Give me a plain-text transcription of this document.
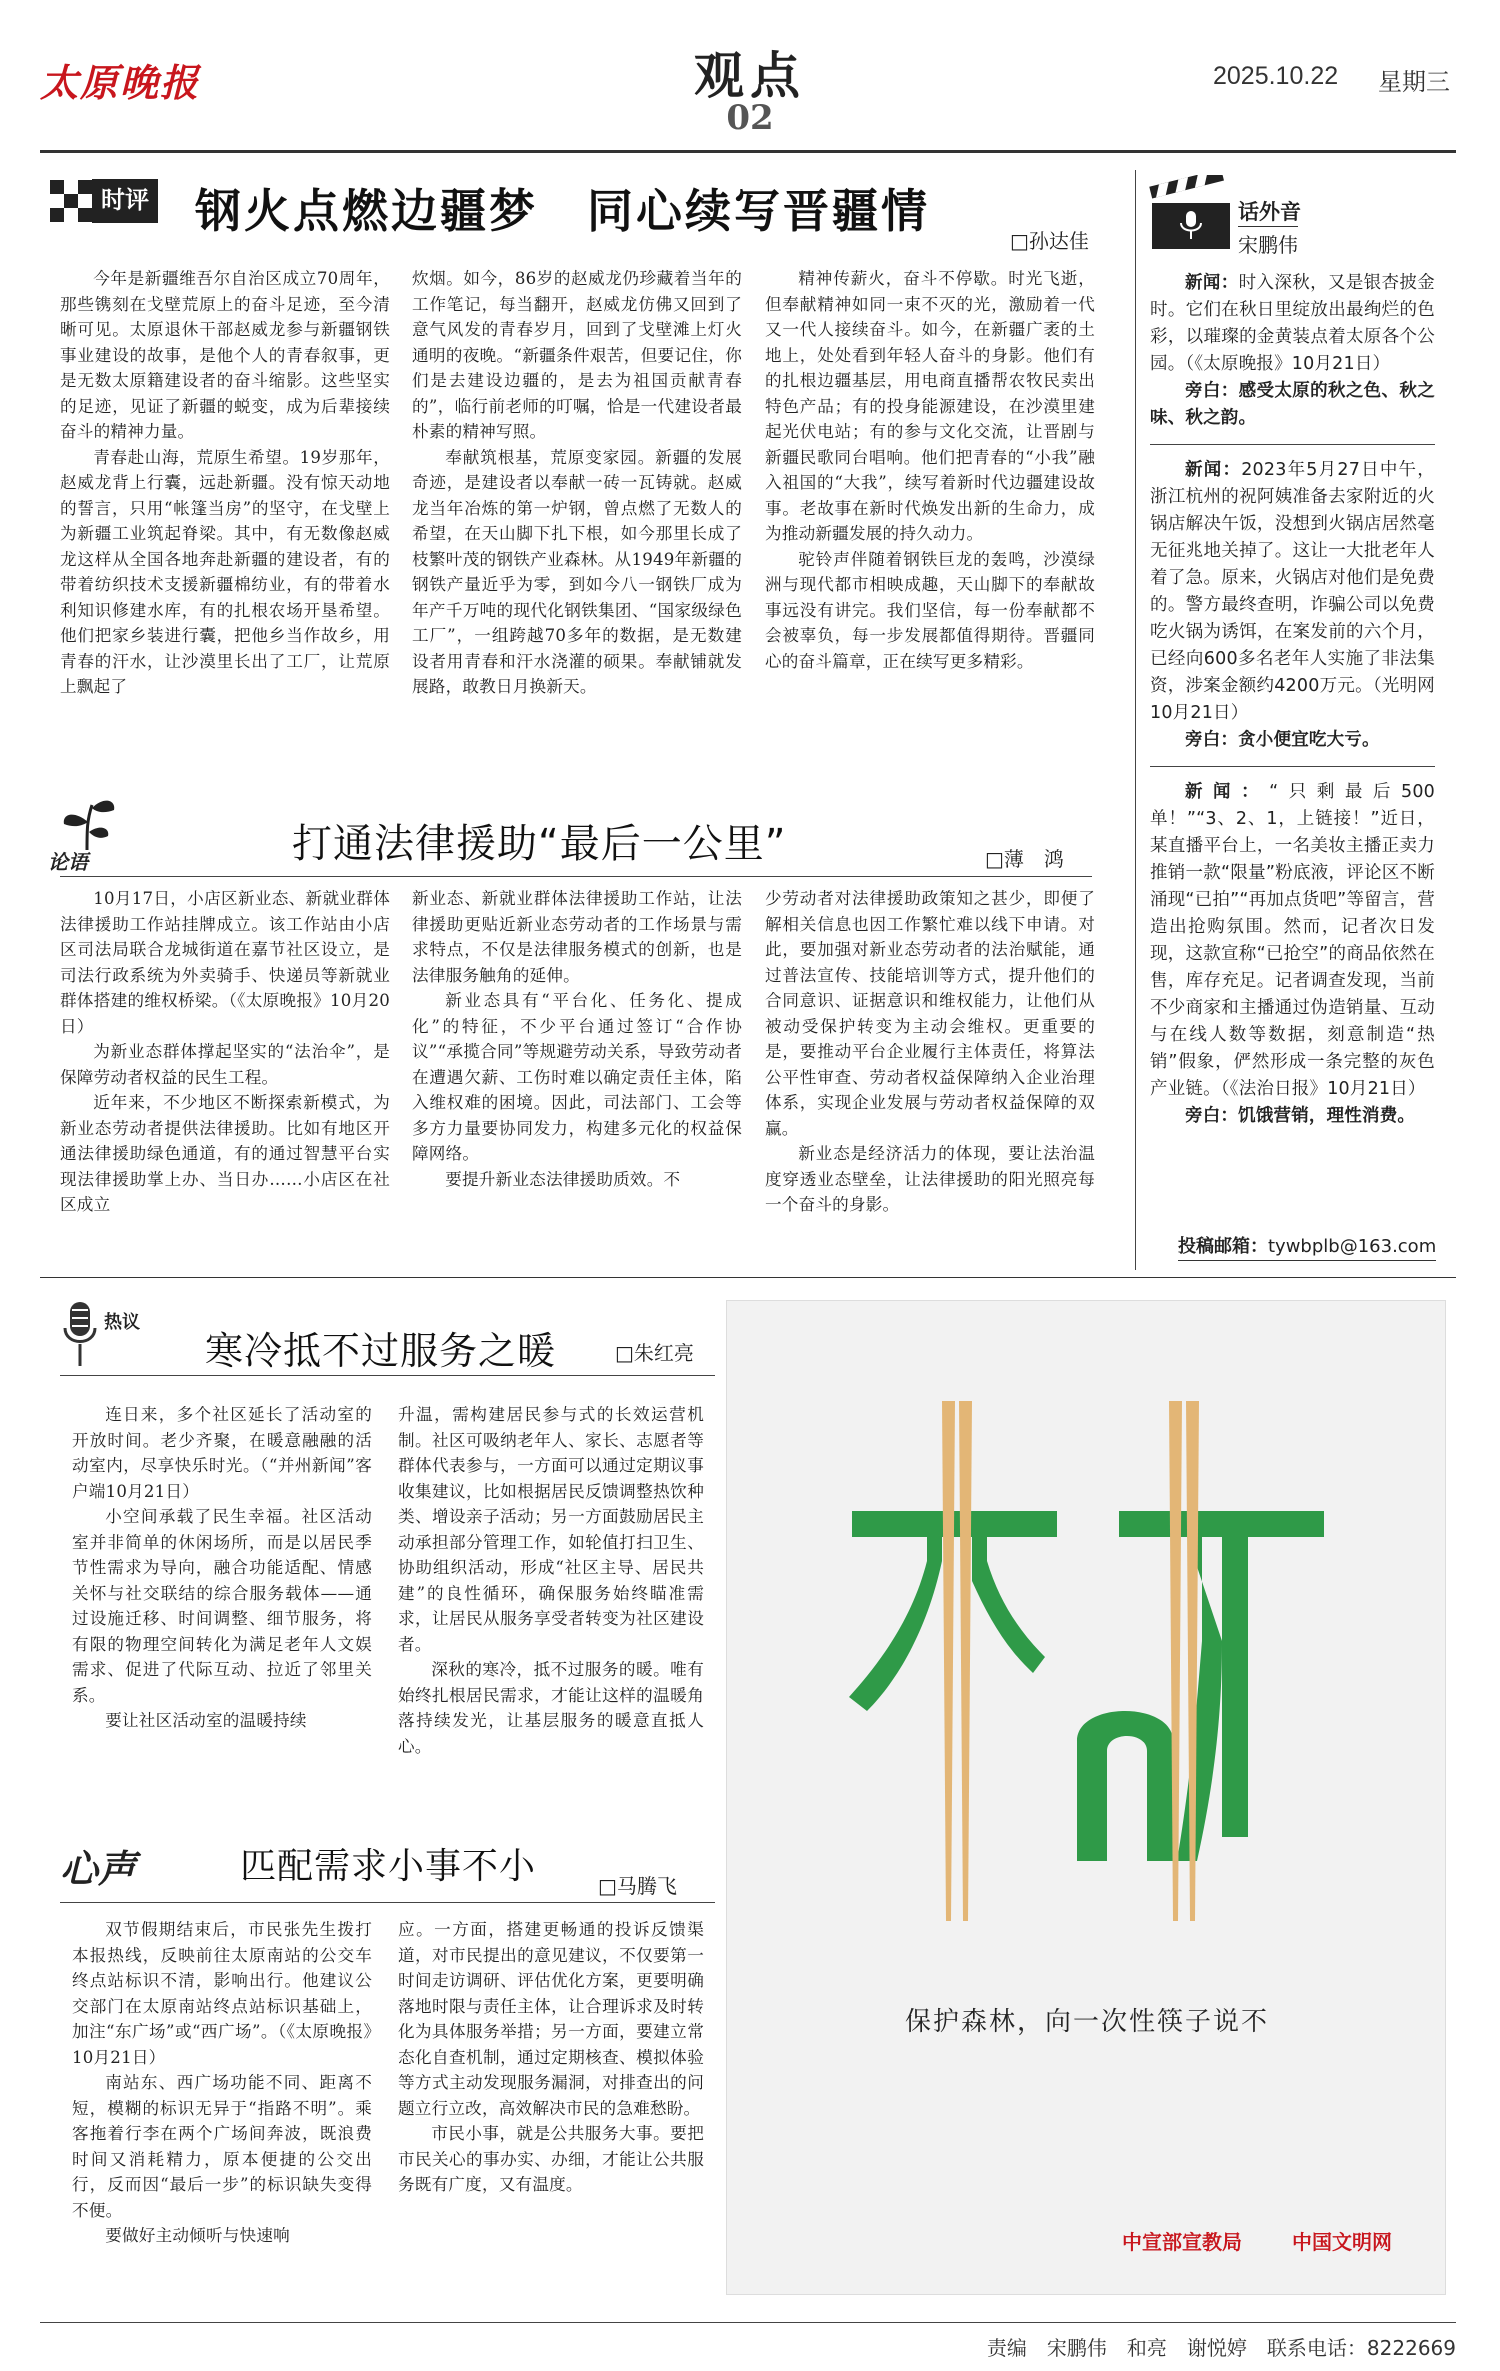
太原晚报	观点
02
2025.10.22 星期三
时评 钢火点燃边疆梦　同心续写晋疆情
□孙达佳

今年是新疆维吾尔自治区成立70周年，那些镌刻在戈壁荒原上的奋斗足迹，至今清晰可见。太原退休干部赵威龙参与新疆钢铁事业建设的故事，是他个人的青春叙事，更是无数太原籍建设者的奋斗缩影。这些坚实的足迹，见证了新疆的蜕变，成为后辈接续奋斗的精神力量。

青春赴山海，荒原生希望。19岁那年，赵威龙背上行囊，远赴新疆。没有惊天动地的誓言，只用“帐篷当房”的坚守，在戈壁上为新疆工业筑起脊梁。其中，有无数像赵威龙这样从全国各地奔赴新疆的建设者，有的带着纺织技术支援新疆棉纺业，有的带着水利知识修建水库，有的扎根农场开垦希望。他们把家乡装进行囊，把他乡当作故乡，用青春的汗水，让沙漠里长出了工厂，让荒原上飘起了

炊烟。如今，86岁的赵威龙仍珍藏着当年的工作笔记，每当翻开，赵威龙仿佛又回到了意气风发的青春岁月，回到了戈壁滩上灯火通明的夜晚。“新疆条件艰苦，但要记住，你们是去建设边疆的，是去为祖国贡献青春的”，临行前老师的叮嘱，恰是一代建设者最朴素的精神写照。

奉献筑根基，荒原变家园。新疆的发展奇迹，是建设者以奉献一砖一瓦铸就。赵威龙当年冶炼的第一炉钢，曾点燃了无数人的希望，在天山脚下扎下根，如今那里长成了枝繁叶茂的钢铁产业森林。从1949年新疆的钢铁产量近乎为零，到如今八一钢铁厂成为年产千万吨的现代化钢铁集团、“国家级绿色工厂”，一组跨越70多年的数据，是无数建设者用青春和汗水浇灌的硕果。奉献铺就发展路，敢教日月换新天。

精神传薪火，奋斗不停歇。时光飞逝，但奉献精神如同一束不灭的光，激励着一代又一代人接续奋斗。如今，在新疆广袤的土地上，处处看到年轻人奋斗的身影。他们有的扎根边疆基层，用电商直播帮农牧民卖出特色产品；有的投身能源建设，在沙漠里建起光伏电站；有的参与文化交流，让晋剧与新疆民歌同台唱响。他们把青春的“小我”融入祖国的“大我”，续写着新时代边疆建设故事。老故事在新时代焕发出新的生命力，成为推动新疆发展的持久动力。

驼铃声伴随着钢铁巨龙的轰鸣，沙漠绿洲与现代都市相映成趣，天山脚下的奉献故事远没有讲完。我们坚信，每一份奉献都不会被辜负，每一步发展都值得期待。晋疆同心的奋斗篇章，正在续写更多精彩。

论语	打通法律援助“最后一公里”	□薄　鸿

10月17日，小店区新业态、新就业群体法律援助工作站挂牌成立。该工作站由小店区司法局联合龙城街道在嘉节社区设立，是司法行政系统为外卖骑手、快递员等新就业群体搭建的维权桥梁。（《太原晚报》10月20日）

为新业态群体撑起坚实的“法治伞”，是保障劳动者权益的民生工程。

近年来，不少地区不断探索新模式，为新业态劳动者提供法律援助。比如有地区开通法律援助绿色通道，有的通过智慧平台实现法律援助掌上办、当日办……小店区在社区成立

新业态、新就业群体法律援助工作站，让法律援助更贴近新业态劳动者的工作场景与需求特点，不仅是法律服务模式的创新，也是法律服务触角的延伸。

新业态具有“平台化、任务化、提成化”的特征，不少平台通过签订“合作协议”“承揽合同”等规避劳动关系，导致劳动者在遭遇欠薪、工伤时难以确定责任主体，陷入维权难的困境。因此，司法部门、工会等多方力量要协同发力，构建多元化的权益保障网络。

要提升新业态法律援助质效。不

少劳动者对法律援助政策知之甚少，即便了解相关信息也因工作繁忙难以线下申请。对此，要加强对新业态劳动者的法治赋能，通过普法宣传、技能培训等方式，提升他们的合同意识、证据意识和维权能力，让他们从被动受保护转变为主动会维权。更重要的是，要推动平台企业履行主体责任，将算法公平性审查、劳动者权益保障纳入企业治理体系，实现企业发展与劳动者权益保障的双赢。

新业态是经济活力的体现，要让法治温度穿透业态壁垒，让法律援助的阳光照亮每一个奋斗的身影。

热议
寒冷抵不过服务之暖	□朱红亮

连日来，多个社区延长了活动室的开放时间。老少齐聚，在暖意融融的活动室内，尽享快乐时光。（“并州新闻”客户端10月21日）

小空间承载了民生幸福。社区活动室并非简单的休闲场所，而是以居民季节性需求为导向，融合功能适配、情感关怀与社交联结的综合服务载体——通过设施迁移、时间调整、细节服务，将有限的物理空间转化为满足老年人文娱需求、促进了代际互动、拉近了邻里关系。

要让社区活动室的温暖持续

升温，需构建居民参与式的长效运营机制。社区可吸纳老年人、家长、志愿者等群体代表参与，一方面可以通过定期议事收集建议，比如根据居民反馈调整热饮种类、增设亲子活动；另一方面鼓励居民主动承担部分管理工作，如轮值打扫卫生、协助组织活动，形成“社区主导、居民共建”的良性循环，确保服务始终瞄准需求，让居民从服务享受者转变为社区建设者。

深秋的寒冷，抵不过服务的暖。唯有始终扎根居民需求，才能让这样的温暖角落持续发光，让基层服务的暖意直抵人心。

心声	匹配需求小事不小	□马腾飞

双节假期结束后，市民张先生拨打本报热线，反映前往太原南站的公交车终点站标识不清，影响出行。他建议公交部门在太原南站终点站标识基础上，加注“东广场”或“西广场”。（《太原晚报》10月21日）

南站东、西广场功能不同、距离不短，模糊的标识无异于“指路不明”。乘客拖着行李在两个广场间奔波，既浪费时间又消耗精力，原本便捷的公交出行，反而因“最后一步”的标识缺失变得不便。

要做好主动倾听与快速响

应。一方面，搭建更畅通的投诉反馈渠道，对市民提出的意见建议，不仅要第一时间走访调研、评估优化方案，更要明确落地时限与责任主体，让合理诉求及时转化为具体服务举措；另一方面，要建立常态化自查机制，通过定期核查、模拟体验等方式主动发现服务漏洞，对排查出的问题立行立改，高效解决市民的急难愁盼。

市民小事，就是公共服务大事。要把市民关心的事办实、办细，才能让公共服务既有广度，又有温度。

话外音
宋鹏伟

新闻：时入深秋，又是银杏披金时。它们在秋日里绽放出最绚烂的色彩，以璀璨的金黄装点着太原各个公园。（《太原晚报》10月21日）

旁白：感受太原的秋之色、秋之味、秋之韵。

新闻：2023年5月27日中午，浙江杭州的祝阿姨准备去家附近的火锅店解决午饭，没想到火锅店居然毫无征兆地关掉了。这让一大批老年人着了急。原来，火锅店对他们是免费的。警方最终查明，诈骗公司以免费吃火锅为诱饵，在案发前的六个月，已经向600多名老年人实施了非法集资，涉案金额约4200万元。（光明网10月21日）

旁白：贪小便宜吃大亏。

新闻：“只剩最后500单！”“3、2、1，上链接！”近日，某直播平台上，一名美妆主播正卖力推销一款“限量”粉底液，评论区不断涌现“已拍”“再加点货吧”等留言，营造出抢购氛围。然而，记者次日发现，这款宣称“已抢空”的商品依然在售，库存充足。记者调查发现，当前不少商家和主播通过伪造销量、互动与在线人数等数据，刻意制造“热销”假象，俨然形成一条完整的灰色产业链。（《法治日报》10月21日）

旁白：饥饿营销，理性消费。

投稿邮箱：tywbplb@163.com
保护森林，向一次性筷子说不
中宣部宣教局	中国文明网
责编　宋鹏伟　和亮　谢悦婷　联系电话：8222669
